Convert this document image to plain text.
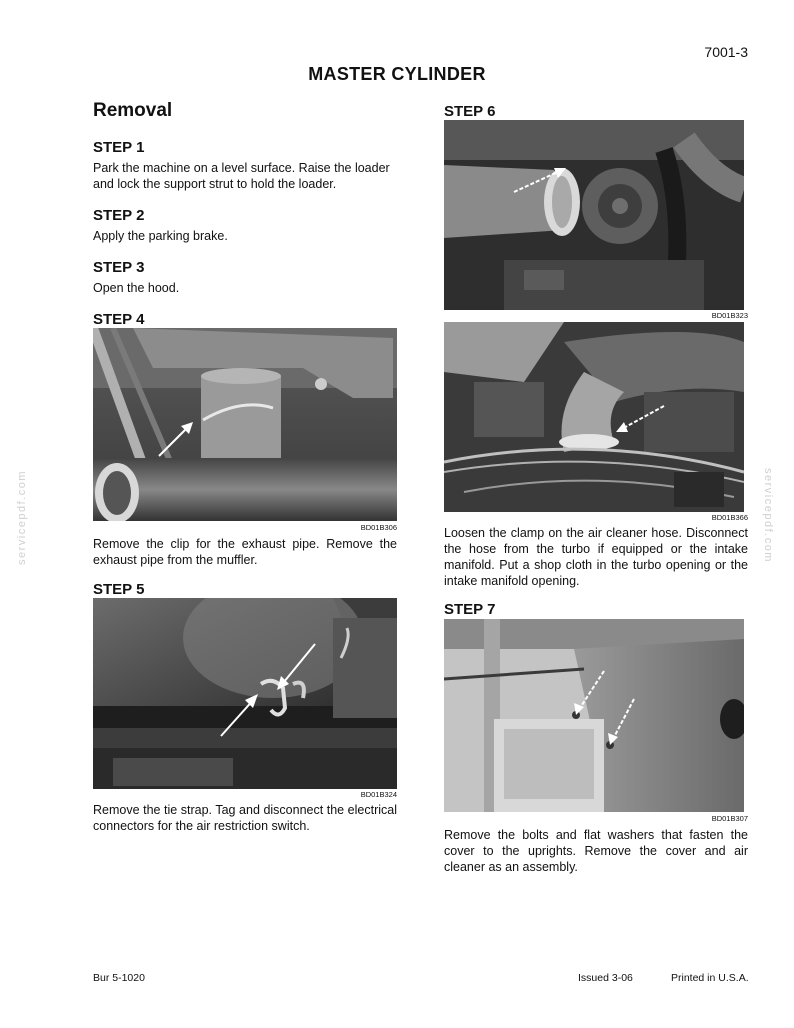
7001-3
MASTER CYLINDER
Removal
servicepdf.com	servicepdf.com
STEP 1
Park the machine on a level surface. Raise the loader and lock the support strut to hold the loader.
STEP 2
Apply the parking brake.
STEP 3
Open the hood.
STEP 4
BD01B306
Remove the clip for the exhaust pipe. Remove the exhaust pipe from the muffler.
STEP 5
BD01B324
Remove the tie strap. Tag and disconnect the electrical connectors for the air restriction switch.
STEP 6
BD01B323
BD01B366
Loosen the clamp on the air cleaner hose. Disconnect the hose from the turbo if equipped or the intake manifold. Put a shop cloth in the turbo opening or the intake manifold opening.
STEP 7
BD01B307
Remove the bolts and flat washers that fasten the cover to the uprights. Remove the cover and air cleaner as an assembly.
Bur 5-1020	Issued 3-06	Printed in U.S.A.
